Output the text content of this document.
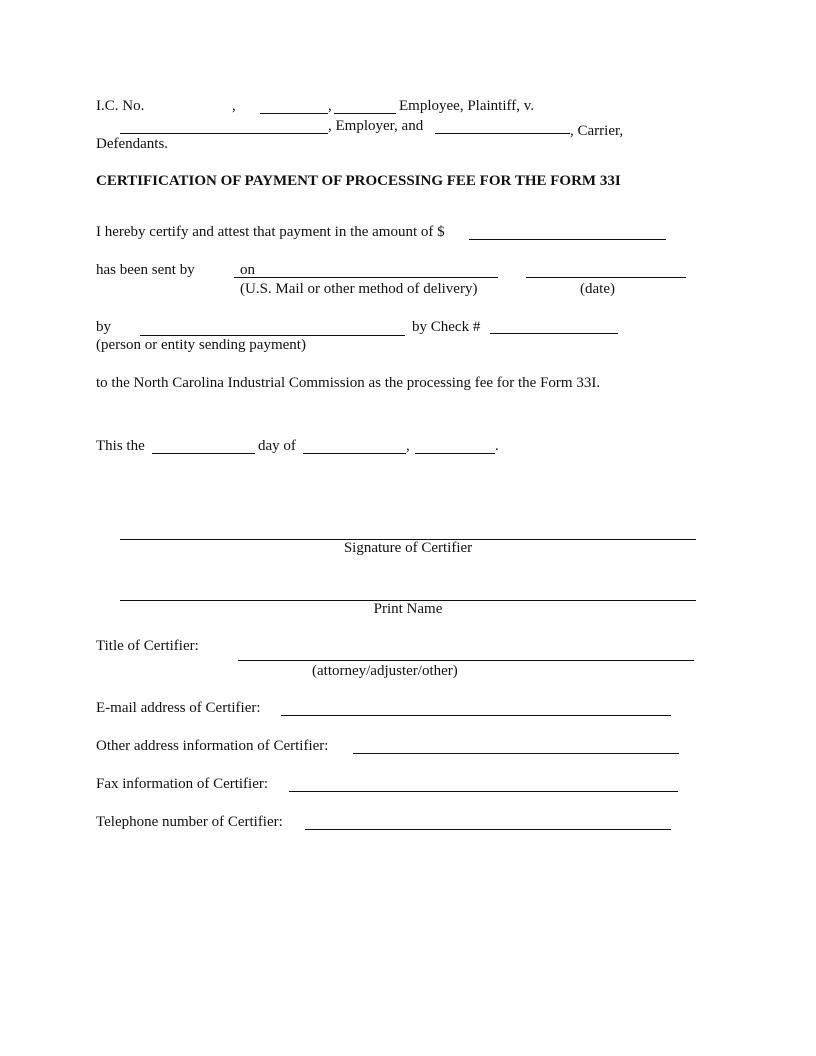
I.C. No.	,	,	Employee, Plaintiff, v.
, Employer, and	, Carrier,
Defendants.
CERTIFICATION OF PAYMENT OF PROCESSING FEE FOR THE FORM 33I
I hereby certify and attest that payment in the amount of $
has been sent by	on
(U.S. Mail or other method of delivery)	(date)
by	by Check #
(person or entity sending payment)
to the North Carolina Industrial Commission as the processing fee for the Form 33I.
This the	day of	,	.
Signature of Certifier
Print Name
Title of Certifier:
(attorney/adjuster/other)
E-mail address of Certifier:
Other address information of Certifier:
Fax information of Certifier:
Telephone number of Certifier:
